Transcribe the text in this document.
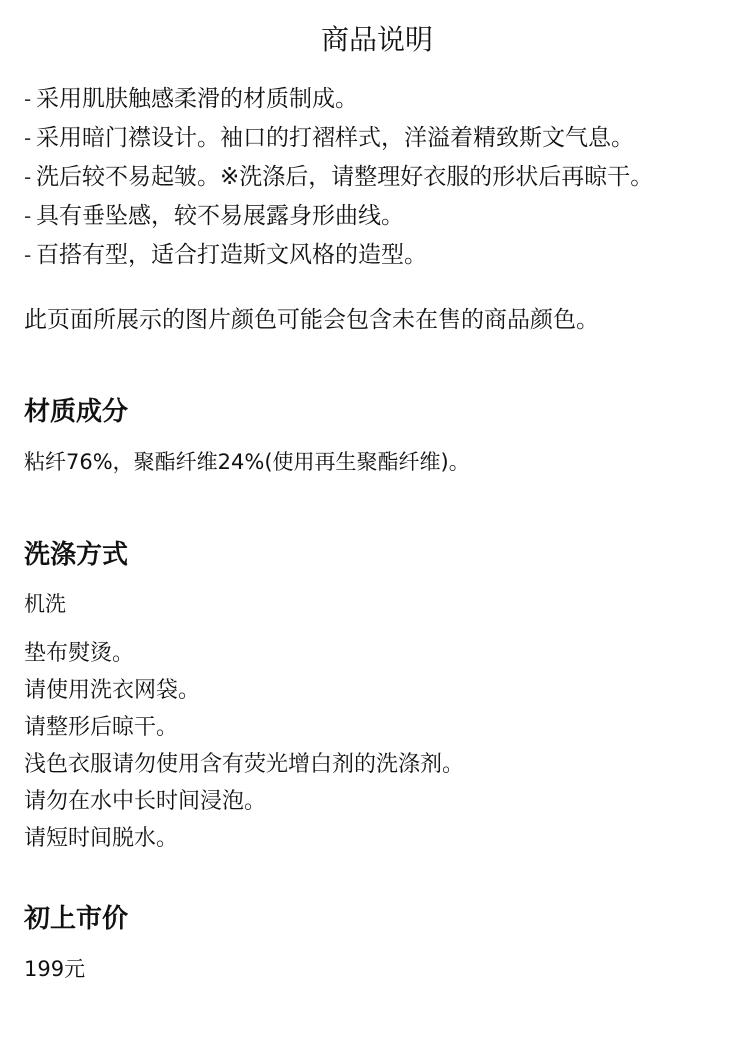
商品说明
- 采用肌肤触感柔滑的材质制成。
- 采用暗门襟设计。袖口的打褶样式，洋溢着精致斯文气息。
- 洗后较不易起皱。※洗涤后，请整理好衣服的形状后再晾干。
- 具有垂坠感，较不易展露身形曲线。
- 百搭有型，适合打造斯文风格的造型。

此页面所展示的图片颜色可能会包含未在售的商品颜色。

材质成分

粘纤76%，聚酯纤维24%(使用再生聚酯纤维)。

洗涤方式

机洗

垫布熨烫。
请使用洗衣网袋。
请整形后晾干。
浅色衣服请勿使用含有荧光增白剂的洗涤剂。
请勿在水中长时间浸泡。
请短时间脱水。
初上市价

199元
